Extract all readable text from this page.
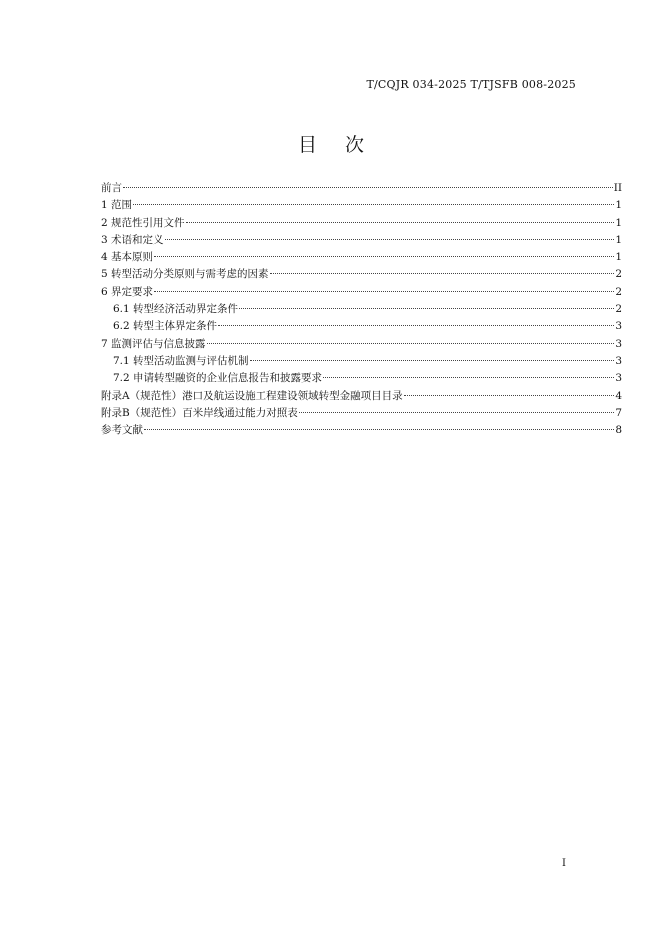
T/CQJR 034-2025 T/TJSFB 008-2025
目次
前言	II
1 范围	1
2 规范性引用文件	1
3 术语和定义	1
4 基本原则	1
5 转型活动分类原则与需考虑的因素	2
6 界定要求	2
6.1 转型经济活动界定条件	2
6.2 转型主体界定条件	3
7 监测评估与信息披露	3
7.1 转型活动监测与评估机制	3
7.2 申请转型融资的企业信息报告和披露要求	3
附录A（规范性）港口及航运设施工程建设领域转型金融项目目录	4
附录B（规范性）百米岸线通过能力对照表	7
参考文献	8
I
